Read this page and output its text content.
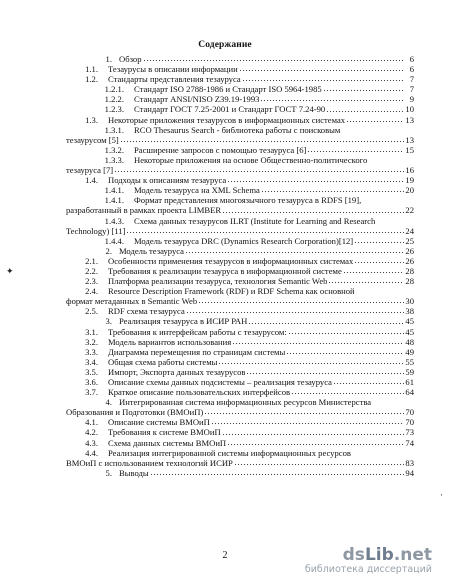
Содержание
1. Обзор	6
1.1.	Тезаурусы в описании информации	6
1.2.	Стандарты представления тезауруса	7
1.2.1.	Стандарт ISO 2788-1986 и Стандарт ISO 5964-1985	7
1.2.2.	Стандарт ANSI/NISO Z39.19-1993	9
1.2.3.	Стандарт ГОСТ 7.25-2001 и Стандарт ГОСТ 7.24-90	10
1.3.	Некоторые приложения тезаурусов в информационных системах	13
1.3.1. RCO Thesaurus Search - библиотека работы с поисковым
тезаурусом [5]	13
1.3.2.	Расширение запросов с помощью тезауруса [6]	15
1.3.3. Некоторые приложения на основе Общественно-политического
тезауруса [7]	16
1.4.	Подходы к описаниям тезауруса	19
1.4.1.	Модель тезауруса на XML Schema	20
1.4.1. Формат представления многоязычного тезауруса в RDFS [19],
разработанный в рамках проекта LIMBER	22
1.4.3. Схема данных тезаурусов ILRT (Institute for Learning and Research
Technology) [11]	24
1.4.4.	Модель тезауруса DRC (Dynamics Research Corporation)[12]	25
2. Модель тезауруса	26
2.1.	Особенности применения тезаурусов в информационных системах	26
2.2.	Требования к реализации тезауруса в информационной системе	28
2.3.	Платформа реализации тезауруса, технология Semantic Web	28
2.4. Resource Description Framework (RDF) и RDF Schema как основной
формат метаданных в Semantic Web	30
2.5.	RDF схема тезауруса	38
3. Реализация тезауруса в ИСИР РАН	45
3.1.	Требования к интерфейсам работы с тезаурусом:	45
3.2.	Модель вариантов использования	48
3.3.	Диаграмма перемещения по страницам системы	49
3.4.	Общая схема работы системы	55
3.5.	Импорт, Экспорта данных тезаурусов	59
3.6.	Описание схемы данных подсистемы – реализация тезауруса	61
3.7.	Краткое описание пользовательских интерфейсов	64
4. Интегрированная система информационных ресурсов Министерства
Образования и Подготовки (ВМОиП)	70
4.1.	Описание системы ВМОиП	70
4.2.	Требования к системе ВМОиП	73
4.3.	Схема данных системы ВМОиП	74
4.4. Реализация интегрированной системы информационных ресурсов
ВМОиП с использованием технологий ИСИР	83
5. Выводы	94
✦
·
2	dsLib.net
библиотека диссертаций
